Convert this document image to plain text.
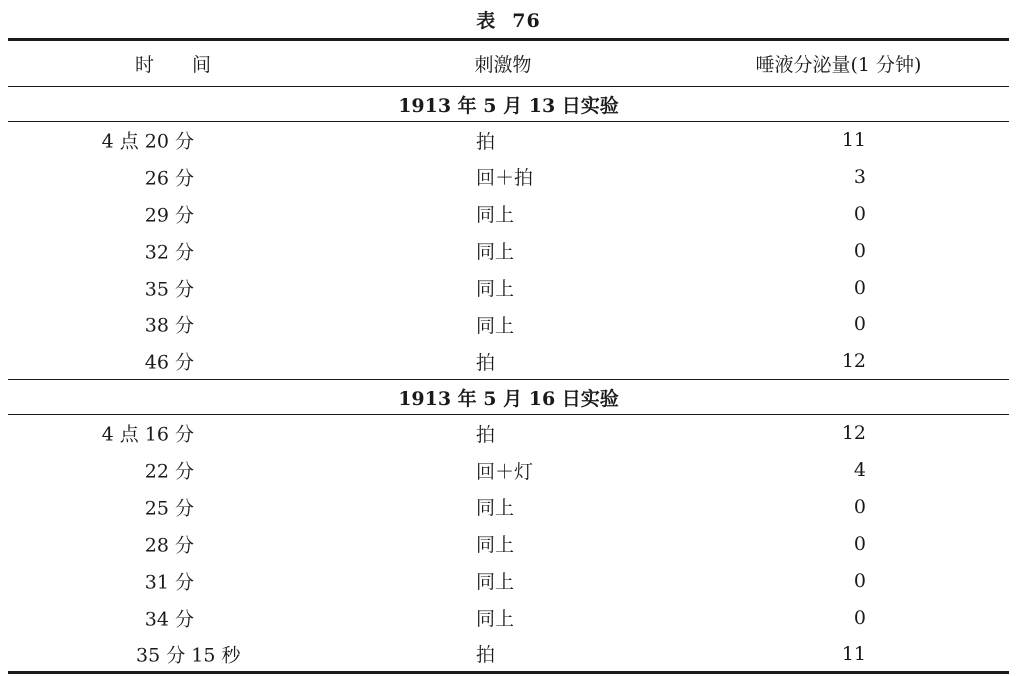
表 76
时　　间	刺激物	唾液分泌量(1 分钟)
1913 年 5 月 13 日实验		

4 点 20 分	拍	11

26 分	回＋拍	3

29 分	同上	0

32 分	同上	0

35 分	同上	0

38 分	同上	0

46 分	拍	12
1913 年 5 月 16 日实验		

4 点 16 分	拍	12

22 分	回＋灯	4

25 分	同上	0

28 分	同上	0

31 分	同上	0

34 分	同上	0

35 分 15 秒	拍	11
